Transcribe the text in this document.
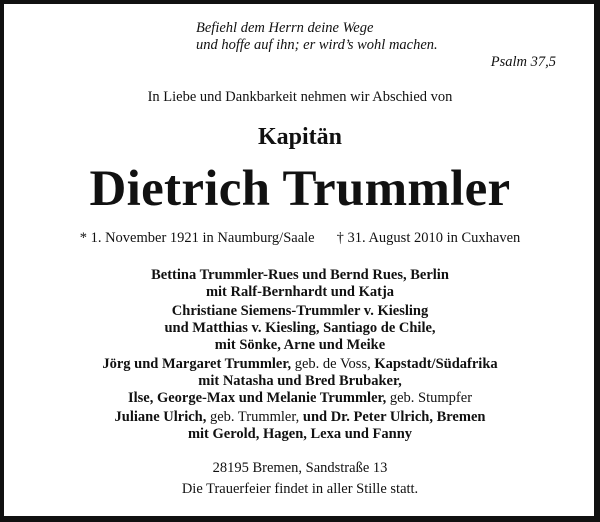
Befiehl dem Herrn deine Wege
und hoffe auf ihn; er wird’s wohl machen.
Psalm 37,5
In Liebe und Dankbarkeit nehmen wir Abschied von
Kapitän
Dietrich Trummler
* 1. November 1921 in Naumburg/Saale † 31. August 2010 in Cuxhaven
Bettina Trummler-Rues und Bernd Rues, Berlin
mit Ralf-Bernhardt und Katja
Christiane Siemens-Trummler v. Kiesling
und Matthias v. Kiesling, Santiago de Chile,
mit Sönke, Arne und Meike
Jörg und Margaret Trummler, geb. de Voss, Kapstadt/Südafrika
mit Natasha und Bred Brubaker,
Ilse, George-Max und Melanie Trummler, geb. Stumpfer
Juliane Ulrich, geb. Trummler, und Dr. Peter Ulrich, Bremen
mit Gerold, Hagen, Lexa und Fanny
28195 Bremen, Sandstraße 13
Die Trauerfeier findet in aller Stille statt.
